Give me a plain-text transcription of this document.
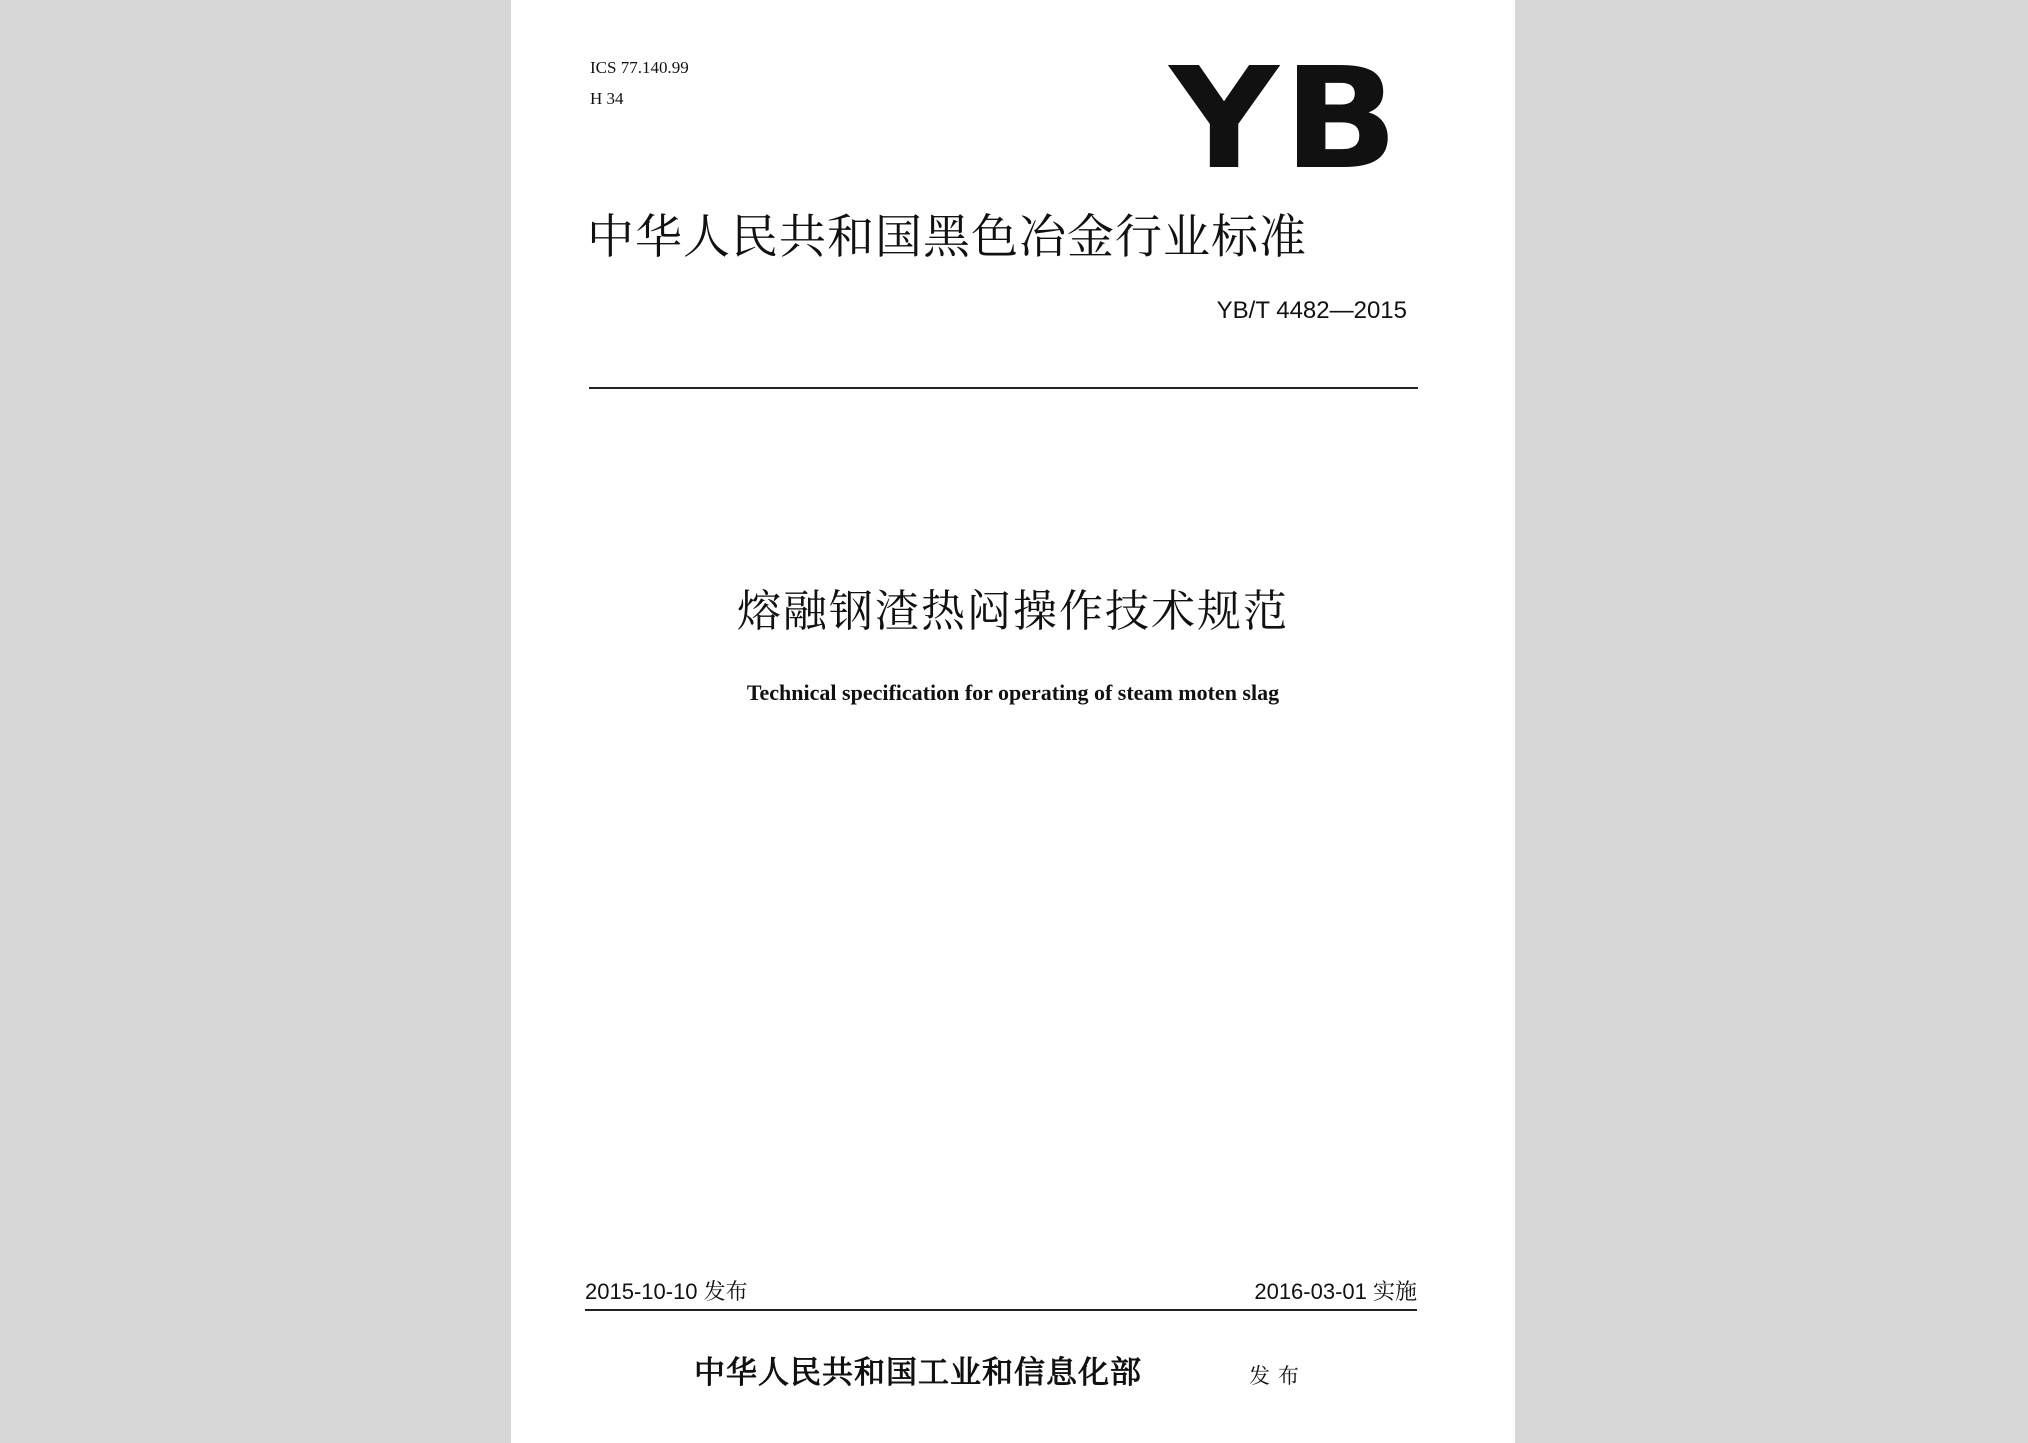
ICS 77.140.99
H 34	YB
中华人民共和国黑色冶金行业标准
YB/T 4482—2015
熔融钢渣热闷操作技术规范
Technical specification for operating of steam moten slag
2015-10-10 发布	2016-03-01 实施
中华人民共和国工业和信息化部	发布
